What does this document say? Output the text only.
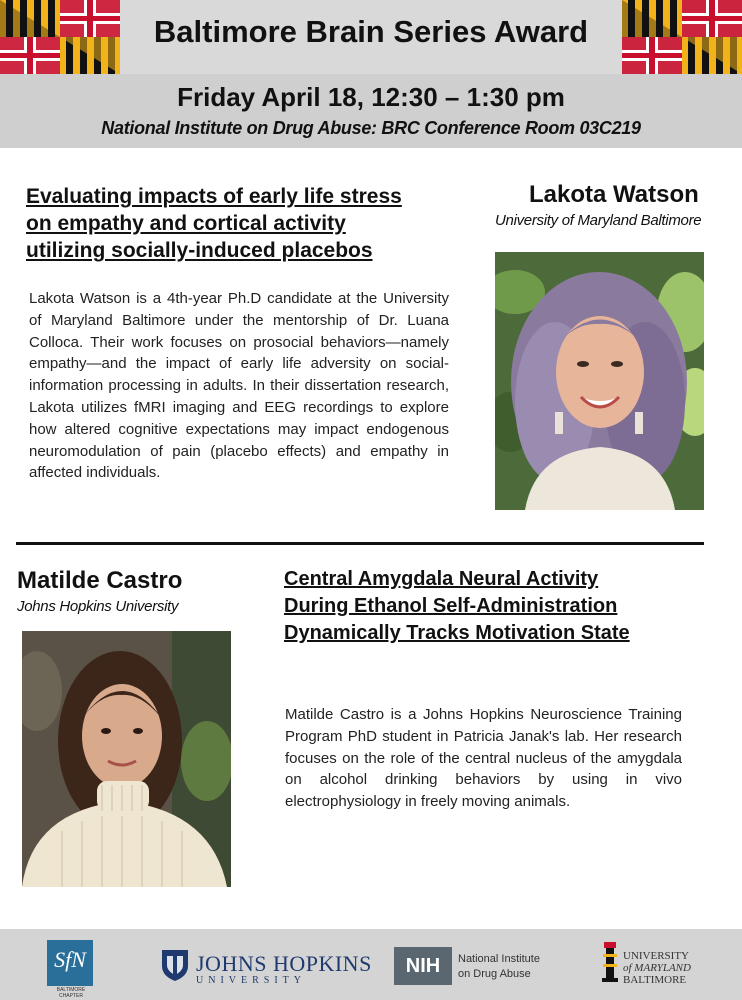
Baltimore Brain Series Award
Friday April 18, 12:30 – 1:30 pm
National Institute on Drug Abuse: BRC Conference Room 03C219
Evaluating impacts of early life stress
on empathy and cortical activity
utilizing socially-induced placebos
Lakota Watson
University of Maryland Baltimore
Lakota Watson is a 4th-year Ph.D candidate at the University of Maryland Baltimore under the mentorship of Dr. Luana Colloca. Their work focuses on prosocial behaviors—namely empathy—and the impact of early life adversity on social-information processing in adults. In their dissertation research, Lakota utilizes fMRI imaging and EEG recordings to explore how altered cognitive expectations may impact endogenous neuromodulation of pain (placebo effects) and empathy in affected individuals.
Matilde Castro
Johns Hopkins University
Central Amygdala Neural Activity
During Ethanol Self-Administration
Dynamically Tracks Motivation State
Matilde Castro is a Johns Hopkins Neuroscience Training Program PhD student in Patricia Janak's lab. Her research focuses on the role of the central nucleus of the amygdala on alcohol drinking behaviors by using in vivo electrophysiology in freely moving animals.
SfN
BALTIMORE CHAPTER
JOHNS HOPKINS
UNIVERSITY
NIH	National Institute
on Drug Abuse
UNIVERSITY
of MARYLAND
BALTIMORE
